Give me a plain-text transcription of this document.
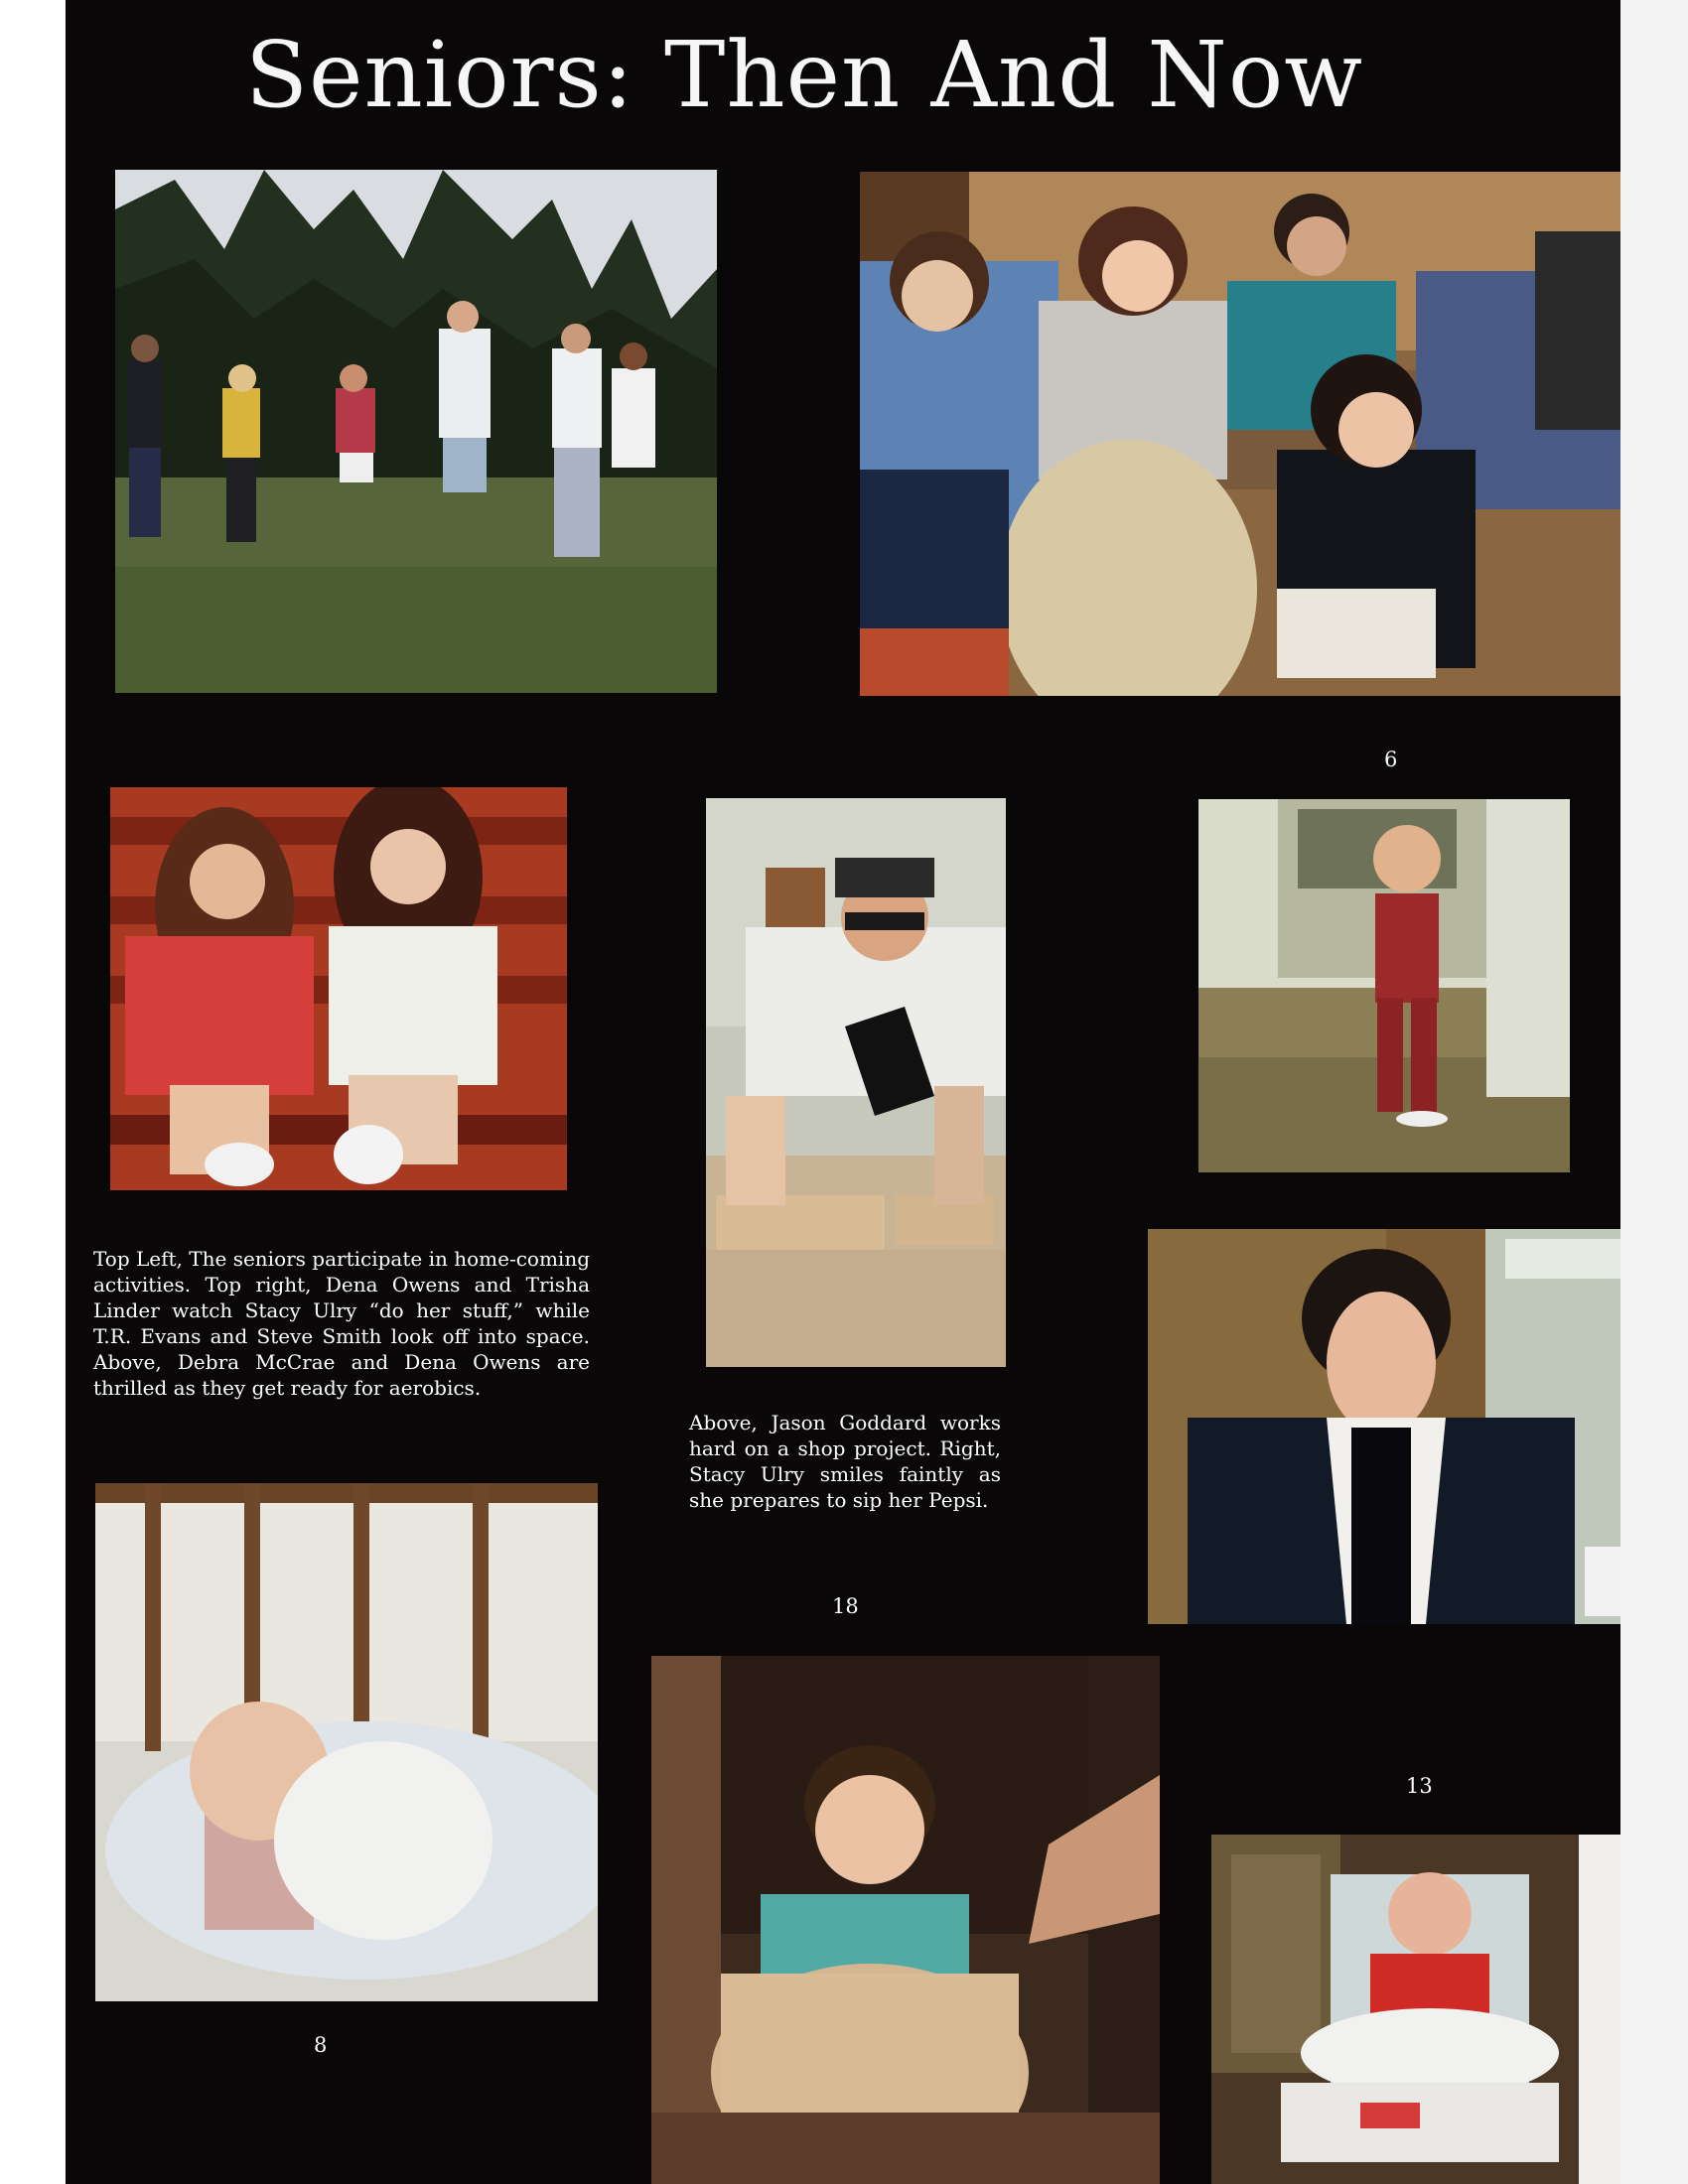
Seniors: Then And Now
6
Top Left, The seniors participate in home-coming activities. Top right, Dena Owens and Trisha Linder watch Stacy Ulry “do her stuff,” while T.R. Evans and Steve Smith look off into space. Above, Debra McCrae and Dena Owens are thrilled as they get ready for aerobics.
Above, Jason Goddard works hard on a shop project. Right, Stacy Ulry smiles faintly as she prepares to sip her Pepsi.
18
8
13
